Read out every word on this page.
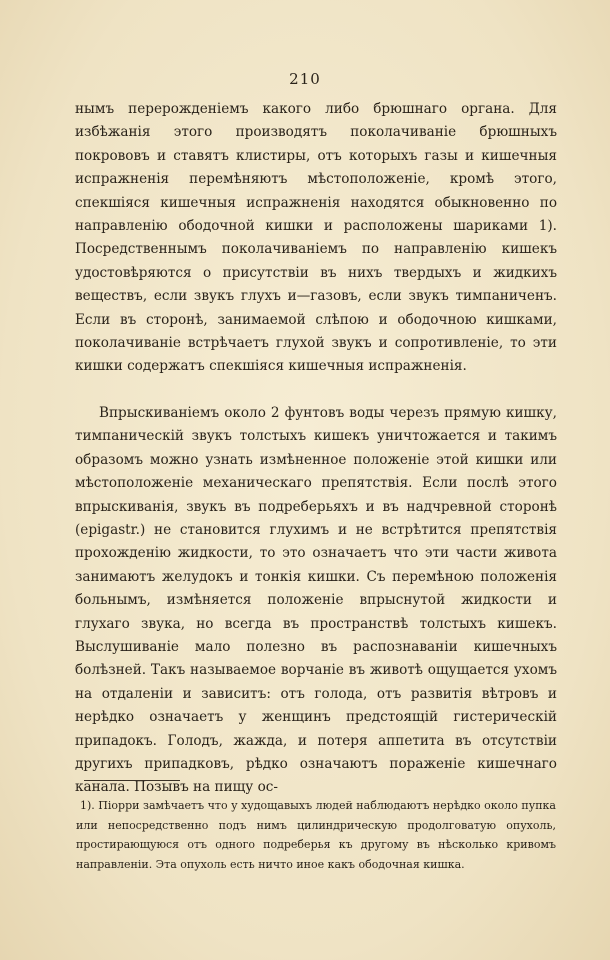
210

нымъ перерожденіемъ какого либо брюшнаго органа. Для избѣжанія этого производятъ поколачиваніе брюшныхъ покрововъ и ставятъ клистиры, отъ которыхъ газы и кишечныя испражненія перемѣняютъ мѣстоположеніе, кромѣ этого, спекшіяся кишечныя испражненія находятся обыкновенно по направленію ободочной кишки и расположены шариками 1). Посредственнымъ поколачиваніемъ по направленію кишекъ удостовѣряются о присутствіи въ нихъ твердыхъ и жидкихъ веществъ, если звукъ глухъ и—газовъ, если звукъ тимпаниченъ. Если въ сторонѣ, занимаемой слѣпою и ободочною кишками, поколачиваніе встрѣчаетъ глухой звукъ и сопротивленіе, то эти кишки содержатъ спекшіяся кишечныя испражненія.

Впрыскиваніемъ около 2 фунтовъ воды черезъ прямую кишку, тимпаническій звукъ толстыхъ кишекъ уничтожается и такимъ образомъ можно узнать измѣненное положеніе этой кишки или мѣстоположеніе механическаго препятствія. Если послѣ этого впрыскиванія, звукъ въ подреберьяхъ и въ надчревной сторонѣ (epigastr.) не становится глухимъ и не встрѣтится препятствія прохожденію жидкости, то это означаетъ что эти части живота занимаютъ желудокъ и тонкія кишки. Съ перемѣною положенія больнымъ, измѣняется положеніе впрыснутой жидкости и глухаго звука, но всегда въ пространствѣ толстыхъ кишекъ. Выслушиваніе мало полезно въ распознаваніи кишечныхъ болѣзней. Такъ называемое ворчаніе въ животѣ ощущается ухомъ на отдаленіи и зависитъ: отъ голода, отъ развитія вѣтровъ и нерѣдко означаетъ у женщинъ предстоящій гистерическій припадокъ. Голодъ, жажда, и потеря аппетита въ отсутствіи другихъ припадковъ, рѣдко означаютъ пораженіе кишечнаго канала. Позывъ на пищу ос-

1). Піорри замѣчаетъ что у худощавыхъ людей наблюдаютъ нерѣдко около пупка или непосредственно подъ нимъ цилиндрическую продолговатую опухоль, простирающуюся отъ одного подреберья къ другому въ нѣсколько кривомъ направленіи. Эта опухоль есть ничто иное какъ ободочная кишка.
